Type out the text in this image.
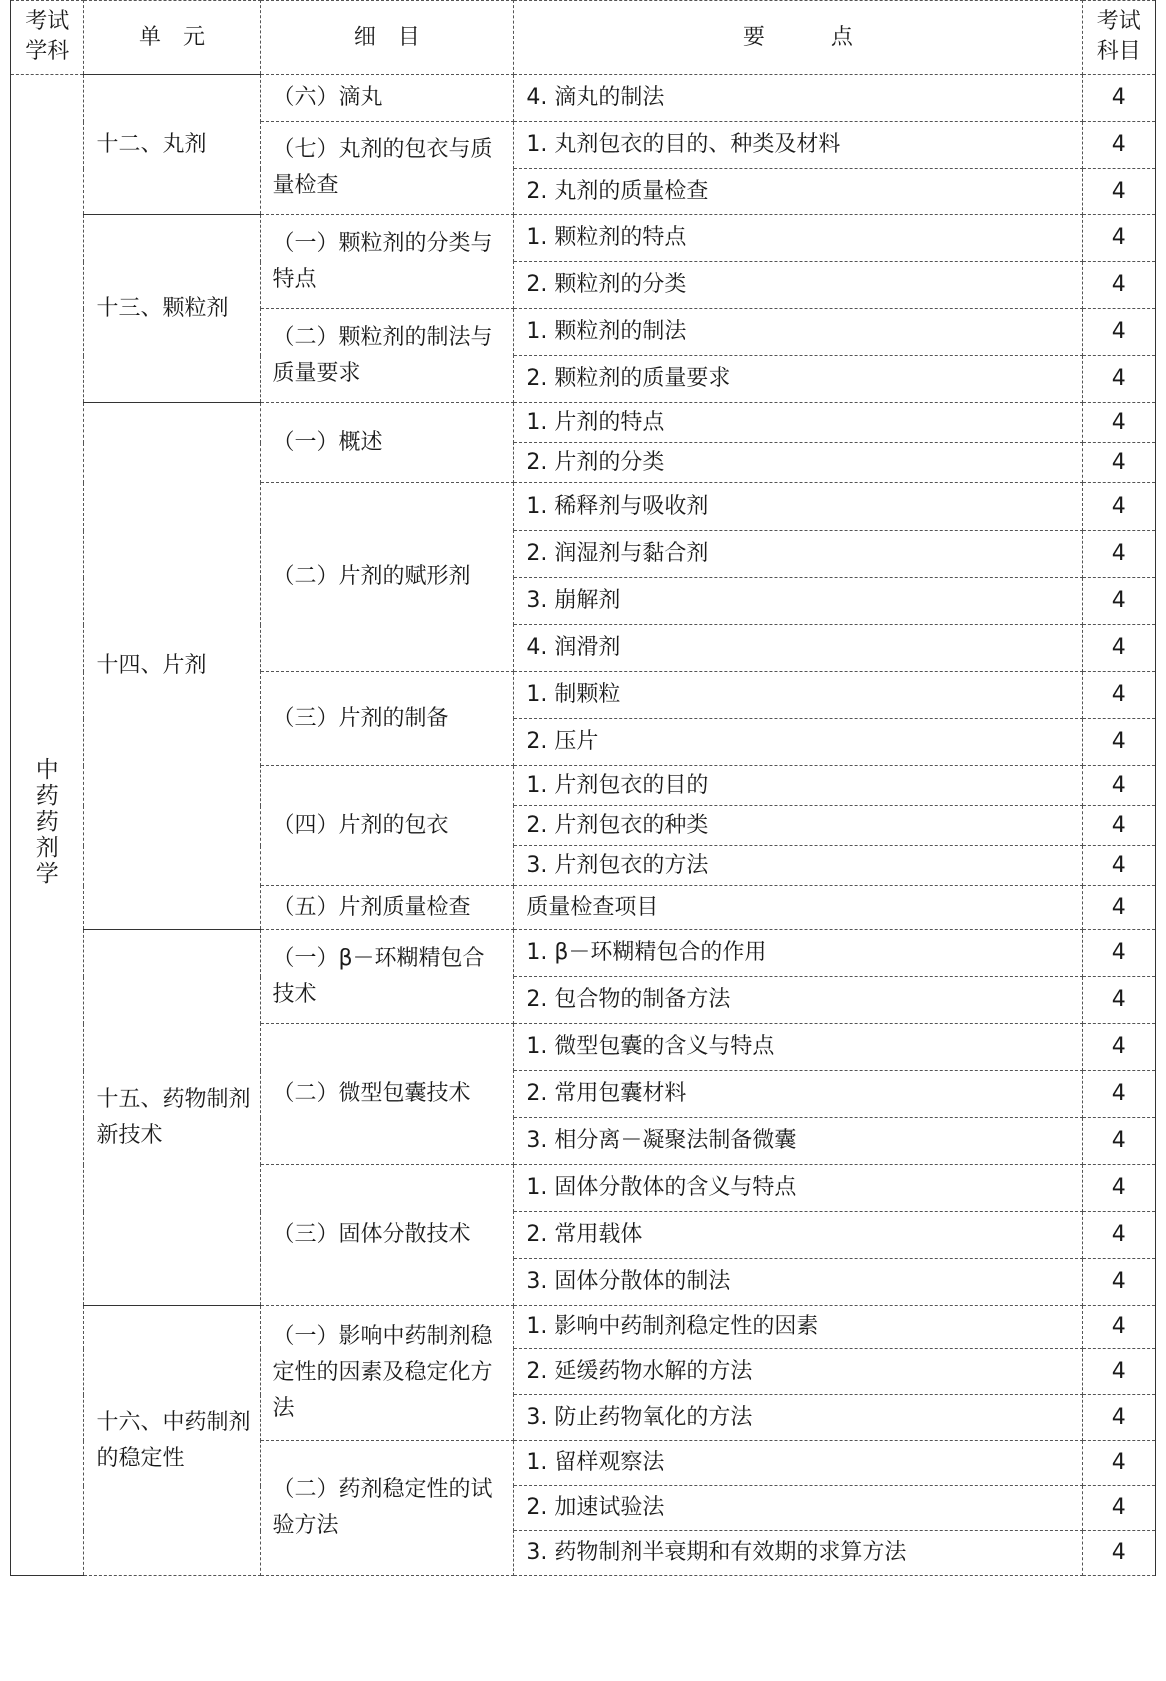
考试学科	单　元	细　目	要　　　点	考试科目
中药药剂学	十二、丸剂	（六）滴丸	4. 滴丸的制法	4
		（七）丸剂的包衣与质量检查	1. 丸剂包衣的目的、种类及材料	4
			2. 丸剂的质量检查	4
	十三、颗粒剂	（一）颗粒剂的分类与特点	1. 颗粒剂的特点	4
			2. 颗粒剂的分类	4
		（二）颗粒剂的制法与质量要求	1. 颗粒剂的制法	4
			2. 颗粒剂的质量要求	4
	十四、片剂	（一）概述	1. 片剂的特点	4
			2. 片剂的分类	4
		（二）片剂的赋形剂	1. 稀释剂与吸收剂	4
			2. 润湿剂与黏合剂	4
			3. 崩解剂	4
			4. 润滑剂	4
		（三）片剂的制备	1. 制颗粒	4
			2. 压片	4
		（四）片剂的包衣	1. 片剂包衣的目的	4
			2. 片剂包衣的种类	4
			3. 片剂包衣的方法	4
		（五）片剂质量检查	质量检查项目	4
	十五、药物制剂新技术	（一）β－环糊精包合技术	1. β－环糊精包合的作用	4
			2. 包合物的制备方法	4
		（二）微型包囊技术	1. 微型包囊的含义与特点	4
			2. 常用包囊材料	4
			3. 相分离－凝聚法制备微囊	4
		（三）固体分散技术	1. 固体分散体的含义与特点	4
			2. 常用载体	4
			3. 固体分散体的制法	4
	十六、中药制剂的稳定性	（一）影响中药制剂稳定性的因素及稳定化方法	1. 影响中药制剂稳定性的因素	4
			2. 延缓药物水解的方法	4
			3. 防止药物氧化的方法	4
		（二）药剂稳定性的试验方法	1. 留样观察法	4
			2. 加速试验法	4
			3. 药物制剂半衰期和有效期的求算方法	4
